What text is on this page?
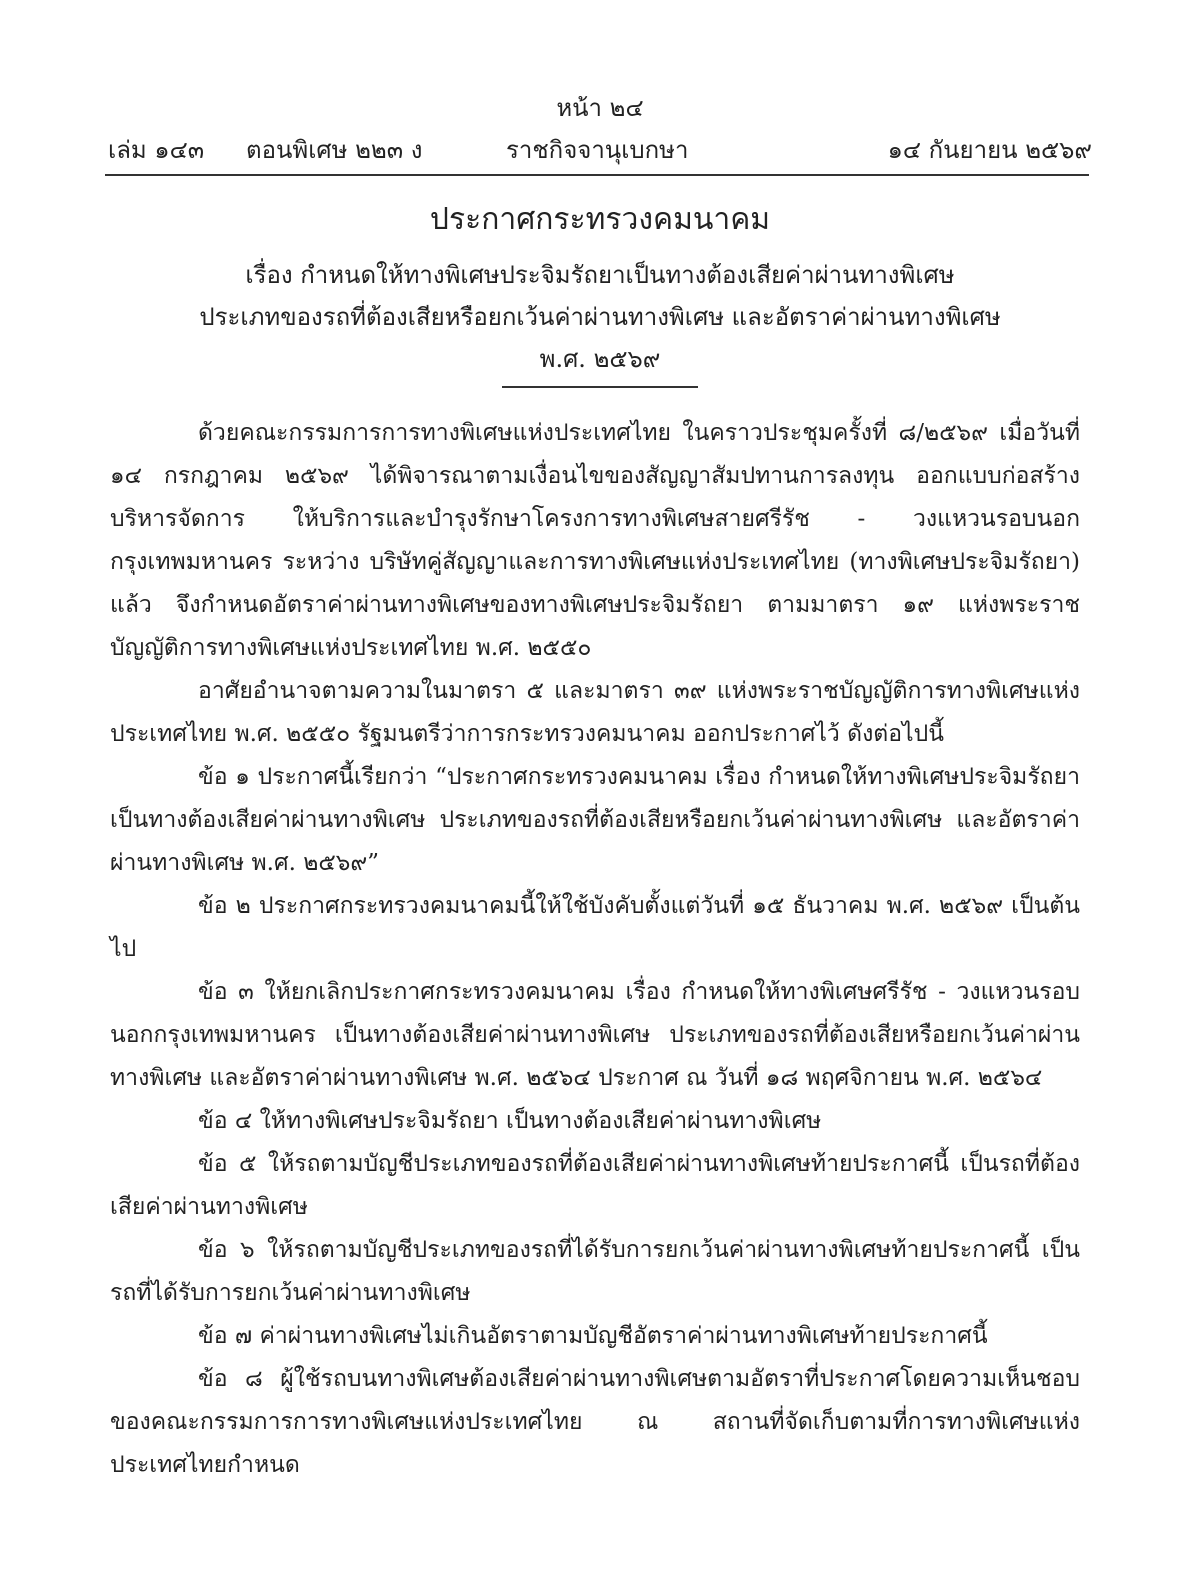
หน้า ๒๔
เล่ม ๑๔๓ ตอนพิเศษ ๒๒๓ ง	ราชกิจจานุเบกษา	๑๔ กันยายน ๒๕๖๙
ประกาศกระทรวงคมนาคม

เรื่อง กำหนดให้ทางพิเศษประจิมรัถยาเป็นทางต้องเสียค่าผ่านทางพิเศษ

ประเภทของรถที่ต้องเสียหรือยกเว้นค่าผ่านทางพิเศษ และอัตราค่าผ่านทางพิเศษ

พ.ศ. ๒๕๖๙

ด้วยคณะกรรมการการทางพิเศษแห่งประเทศไทย ในคราวประชุมครั้งที่ ๘/๒๕๖๙ เมื่อวันที่ ๑๔ กรกฎาคม ๒๕๖๙ ได้พิจารณาตามเงื่อนไขของสัญญาสัมปทานการลงทุน ออกแบบก่อสร้าง บริหารจัดการ ให้บริการและบำรุงรักษาโครงการทางพิเศษสายศรีรัช - วงแหวนรอบนอกกรุงเทพมหานคร ระหว่าง บริษัทคู่สัญญาและการทางพิเศษแห่งประเทศไทย (ทางพิเศษประจิมรัถยา) แล้ว จึงกำหนดอัตราค่าผ่านทางพิเศษของทางพิเศษประจิมรัถยา ตามมาตรา ๑๙ แห่งพระราชบัญญัติการทางพิเศษแห่งประเทศไทย พ.ศ. ๒๕๕๐

อาศัยอำนาจตามความในมาตรา ๕ และมาตรา ๓๙ แห่งพระราชบัญญัติการทางพิเศษแห่งประเทศไทย พ.ศ. ๒๕๕๐ รัฐมนตรีว่าการกระทรวงคมนาคม ออกประกาศไว้ ดังต่อไปนี้

ข้อ ๑ ประกาศนี้เรียกว่า “ประกาศกระทรวงคมนาคม เรื่อง กำหนดให้ทางพิเศษประจิมรัถยาเป็นทางต้องเสียค่าผ่านทางพิเศษ ประเภทของรถที่ต้องเสียหรือยกเว้นค่าผ่านทางพิเศษ และอัตราค่าผ่านทางพิเศษ พ.ศ. ๒๕๖๙”

ข้อ ๒ ประกาศกระทรวงคมนาคมนี้ให้ใช้บังคับตั้งแต่วันที่ ๑๕ ธันวาคม พ.ศ. ๒๕๖๙ เป็นต้นไป

ข้อ ๓ ให้ยกเลิกประกาศกระทรวงคมนาคม เรื่อง กำหนดให้ทางพิเศษศรีรัช - วงแหวนรอบนอกกรุงเทพมหานคร เป็นทางต้องเสียค่าผ่านทางพิเศษ ประเภทของรถที่ต้องเสียหรือยกเว้นค่าผ่านทางพิเศษ และอัตราค่าผ่านทางพิเศษ พ.ศ. ๒๕๖๔ ประกาศ ณ วันที่ ๑๘ พฤศจิกายน พ.ศ. ๒๕๖๔

ข้อ ๔ ให้ทางพิเศษประจิมรัถยา เป็นทางต้องเสียค่าผ่านทางพิเศษ

ข้อ ๕ ให้รถตามบัญชีประเภทของรถที่ต้องเสียค่าผ่านทางพิเศษท้ายประกาศนี้ เป็นรถที่ต้องเสียค่าผ่านทางพิเศษ

ข้อ ๖ ให้รถตามบัญชีประเภทของรถที่ได้รับการยกเว้นค่าผ่านทางพิเศษท้ายประกาศนี้ เป็นรถที่ได้รับการยกเว้นค่าผ่านทางพิเศษ

ข้อ ๗ ค่าผ่านทางพิเศษไม่เกินอัตราตามบัญชีอัตราค่าผ่านทางพิเศษท้ายประกาศนี้

ข้อ ๘ ผู้ใช้รถบนทางพิเศษต้องเสียค่าผ่านทางพิเศษตามอัตราที่ประกาศโดยความเห็นชอบของคณะกรรมการการทางพิเศษแห่งประเทศไทย ณ สถานที่จัดเก็บตามที่การทางพิเศษแห่งประเทศไทยกำหนด
